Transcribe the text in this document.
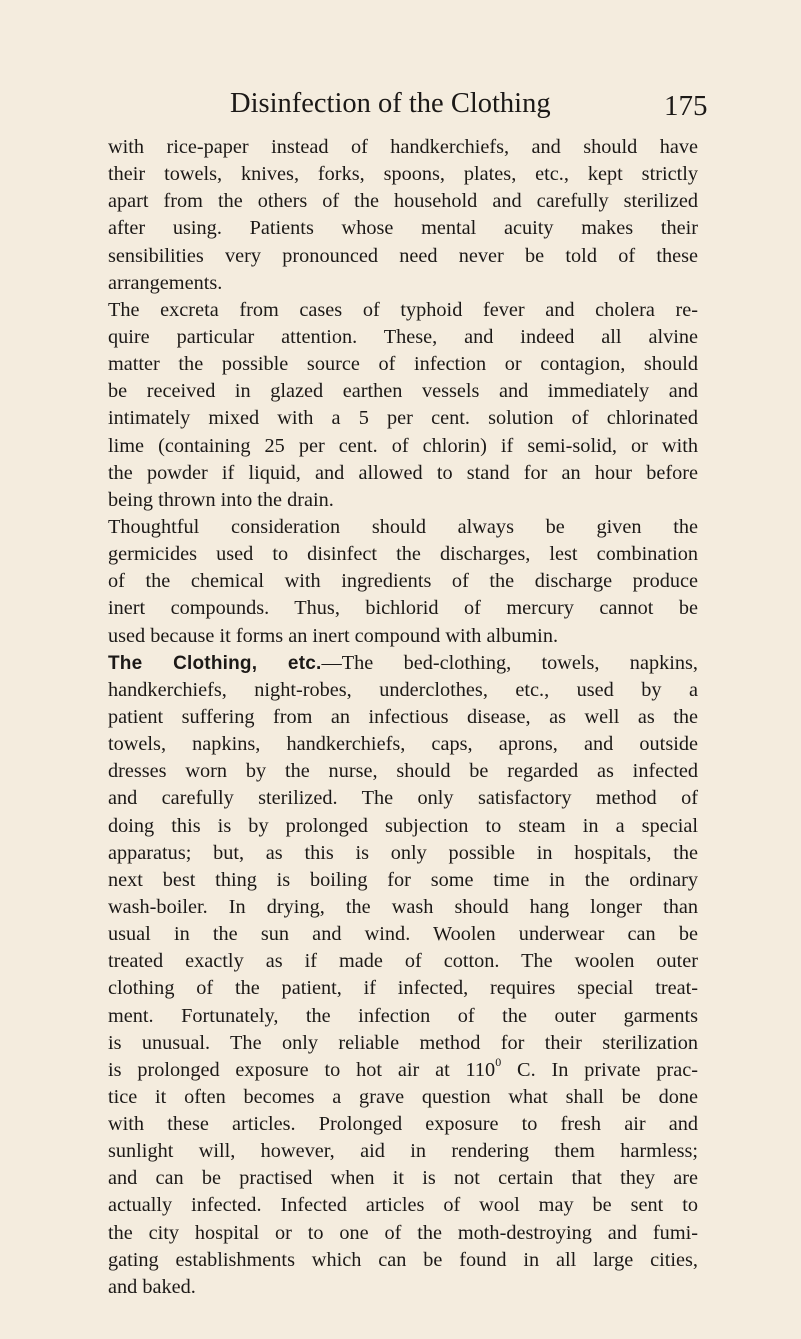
Disinfection of the Clothing	175
with rice-paper instead of handkerchiefs, and should have
their towels, knives, forks, spoons, plates, etc., kept strictly
apart from the others of the household and carefully sterilized
after using. Patients whose mental acuity makes their
sensibilities very pronounced need never be told of these
arrangements.
The excreta from cases of typhoid fever and cholera re-
quire particular attention. These, and indeed all alvine
matter the possible source of infection or contagion, should
be received in glazed earthen vessels and immediately and
intimately mixed with a 5 per cent. solution of chlorinated
lime (containing 25 per cent. of chlorin) if semi-solid, or with
the powder if liquid, and allowed to stand for an hour before
being thrown into the drain.
Thoughtful consideration should always be given the
germicides used to disinfect the discharges, lest combination
of the chemical with ingredients of the discharge produce
inert compounds. Thus, bichlorid of mercury cannot be
used because it forms an inert compound with albumin.
The Clothing, etc.—The bed-clothing, towels, napkins,
handkerchiefs, night-robes, underclothes, etc., used by a
patient suffering from an infectious disease, as well as the
towels, napkins, handkerchiefs, caps, aprons, and outside
dresses worn by the nurse, should be regarded as infected
and carefully sterilized. The only satisfactory method of
doing this is by prolonged subjection to steam in a special
apparatus; but, as this is only possible in hospitals, the
next best thing is boiling for some time in the ordinary
wash-boiler. In drying, the wash should hang longer than
usual in the sun and wind. Woolen underwear can be
treated exactly as if made of cotton. The woolen outer
clothing of the patient, if infected, requires special treat-
ment. Fortunately, the infection of the outer garments
is unusual. The only reliable method for their sterilization
is prolonged exposure to hot air at $110^0$ C. In private prac-
tice it often becomes a grave question what shall be done
with these articles. Prolonged exposure to fresh air and
sunlight will, however, aid in rendering them harmless;
and can be practised when it is not certain that they are
actually infected. Infected articles of wool may be sent to
the city hospital or to one of the moth-destroying and fumi-
gating establishments which can be found in all large cities,
and baked.
